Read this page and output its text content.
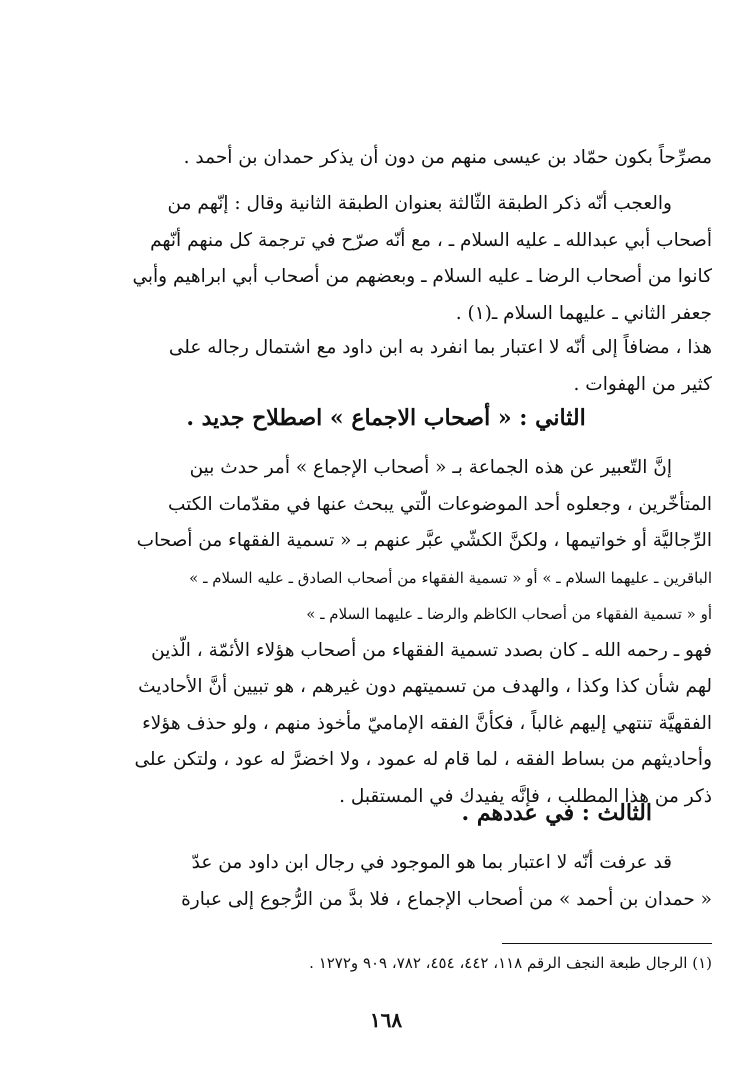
مصرِّحاً بكون حمّاد بن عيسى منهم من دون أن يذكر حمدان بن أحمد .
والعجب أنّه ذكر الطبقة الثّالثة بعنوان الطبقة الثانية وقال : إنّهم من
أصحاب أبي عبدالله ـ عليه السلام ـ ، مع أنّه صرّح في ترجمة كل منهم أنّهم
كانوا من أصحاب الرضا ـ عليه السلام ـ وبعضهم من أصحاب أبي ابراهيم وأبي
جعفر الثاني ـ عليهما السلام ـ(١) .
هذا ، مضافاً إلى أنّه لا اعتبار بما انفرد به ابن داود مع اشتمال رجاله على
كثير من الهفوات .
الثاني : « أصحاب الاجماع » اصطلاح جديد .
إنَّ التّعبير عن هذه الجماعة بـ « أصحاب الإجماع » أمر حدث بين
المتأخّرين ، وجعلوه أحد الموضوعات الّتي يبحث عنها في مقدّمات الكتب
الرِّجاليَّة أو خواتيمها ، ولكنَّ الكشّي عبَّر عنهم بـ « تسمية الفقهاء من أصحاب
الباقرين ـ عليهما السلام ـ » أو « تسمية الفقهاء من أصحاب الصادق ـ عليه السلام ـ »
أو « تسمية الفقهاء من أصحاب الكاظم والرضا ـ عليهما السلام ـ »
فهو ـ رحمه الله ـ كان بصدد تسمية الفقهاء من أصحاب هؤلاء الأئمّة ، الّذين
لهم شأن كذا وكذا ، والهدف من تسميتهم دون غيرهم ، هو تبيين أنَّ الأحاديث
الفقهيَّة تنتهي إليهم غالباً ، فكأنَّ الفقه الإماميّ مأخوذ منهم ، ولو حذف هؤلاء
وأحاديثهم من بساط الفقه ، لما قام له عمود ، ولا اخضرَّ له عود ، ولتكن على
ذكر من هذا المطلب ، فإنَّه يفيدك في المستقبل .
الثالث : في عددهم .
قد عرفت أنّه لا اعتبار بما هو الموجود في رجال ابن داود من عدّ
« حمدان بن أحمد » من أصحاب الإجماع ، فلا بدَّ من الرُّجوع إلى عبارة
(١) الرجال طبعة النجف الرقم ١١٨، ٤٤٢، ٤٥٤، ٧٨٢، ٩٠٩ و١٢٧٢ .
١٦٨
